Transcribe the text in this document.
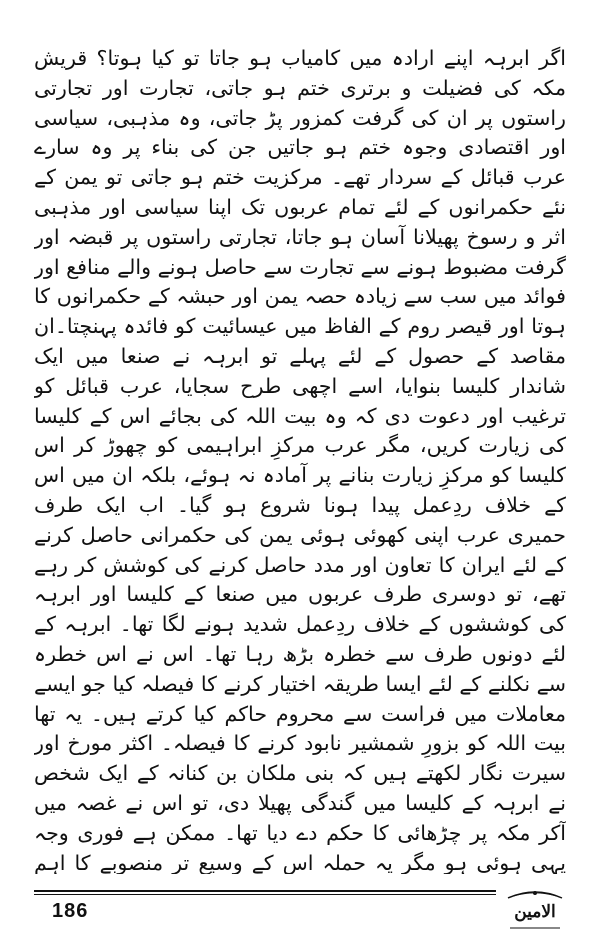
اگر ابرہہ اپنے ارادہ میں کامیاب ہو جاتا تو کیا ہوتا؟ قریش مکہ کی فضیلت و برتری ختم ہو جاتی، تجارت اور تجارتی راستوں پر ان کی گرفت کمزور پڑ جاتی، وہ مذہبی، سیاسی اور اقتصادی وجوہ ختم ہو جاتیں جن کی بناء پر وہ سارے عرب قبائل کے سردار تھے۔ مرکزیت ختم ہو جاتی تو یمن کے نئے حکمرانوں کے لئے تمام عربوں تک اپنا سیاسی اور مذہبی اثر و رسوخ پھیلانا آسان ہو جاتا، تجارتی راستوں پر قبضہ اور گرفت مضبوط ہونے سے تجارت سے حاصل ہونے والے منافع اور فوائد میں سب سے زیادہ حصہ یمن اور حبشہ کے حکمرانوں کا ہوتا اور قیصر روم کے الفاظ میں عیسائیت کو فائدہ پہنچتا۔ان مقاصد کے حصول کے لئے پہلے تو ابرہہ نے صنعا میں ایک شاندار کلیسا بنوایا، اسے اچھی طرح سجایا، عرب قبائل کو ترغیب اور دعوت دی کہ وہ بیت اللہ کی بجائے اس کے کلیسا کی زیارت کریں، مگر عرب مرکزِ ابراہیمی کو چھوڑ کر اس کلیسا کو مرکزِ زیارت بنانے پر آمادہ نہ ہوئے، بلکہ ان میں اس کے خلاف ردِعمل پیدا ہونا شروع ہو گیا۔ اب ایک طرف حمیری عرب اپنی کھوئی ہوئی یمن کی حکمرانی حاصل کرنے کے لئے ایران کا تعاون اور مدد حاصل کرنے کی کوشش کر رہے تھے، تو دوسری طرف عربوں میں صنعا کے کلیسا اور ابرہہ کی کوششوں کے خلاف ردِعمل شدید ہونے لگا تھا۔ ابرہہ کے لئے دونوں طرف سے خطرہ بڑھ رہا تھا۔ اس نے اس خطرہ سے نکلنے کے لئے ایسا طریقہ اختیار کرنے کا فیصلہ کیا جو ایسے معاملات میں فراست سے محروم حاکم کیا کرتے ہیں۔ یہ تھا بیت اللہ کو بزورِ شمشیر نابود کرنے کا فیصلہ۔ اکثر مورخ اور سیرت نگار لکھتے ہیں کہ بنی ملکان بن کنانہ کے ایک شخص نے ابرہہ کے کلیسا میں گندگی پھیلا دی، تو اس نے غصہ میں آکر مکہ پر چڑھائی کا حکم دے دیا تھا۔ ممکن ہے فوری وجہ یہی ہوئی ہو مگر یہ حملہ اس کے وسیع تر منصوبے کا اہم

186	الامین
